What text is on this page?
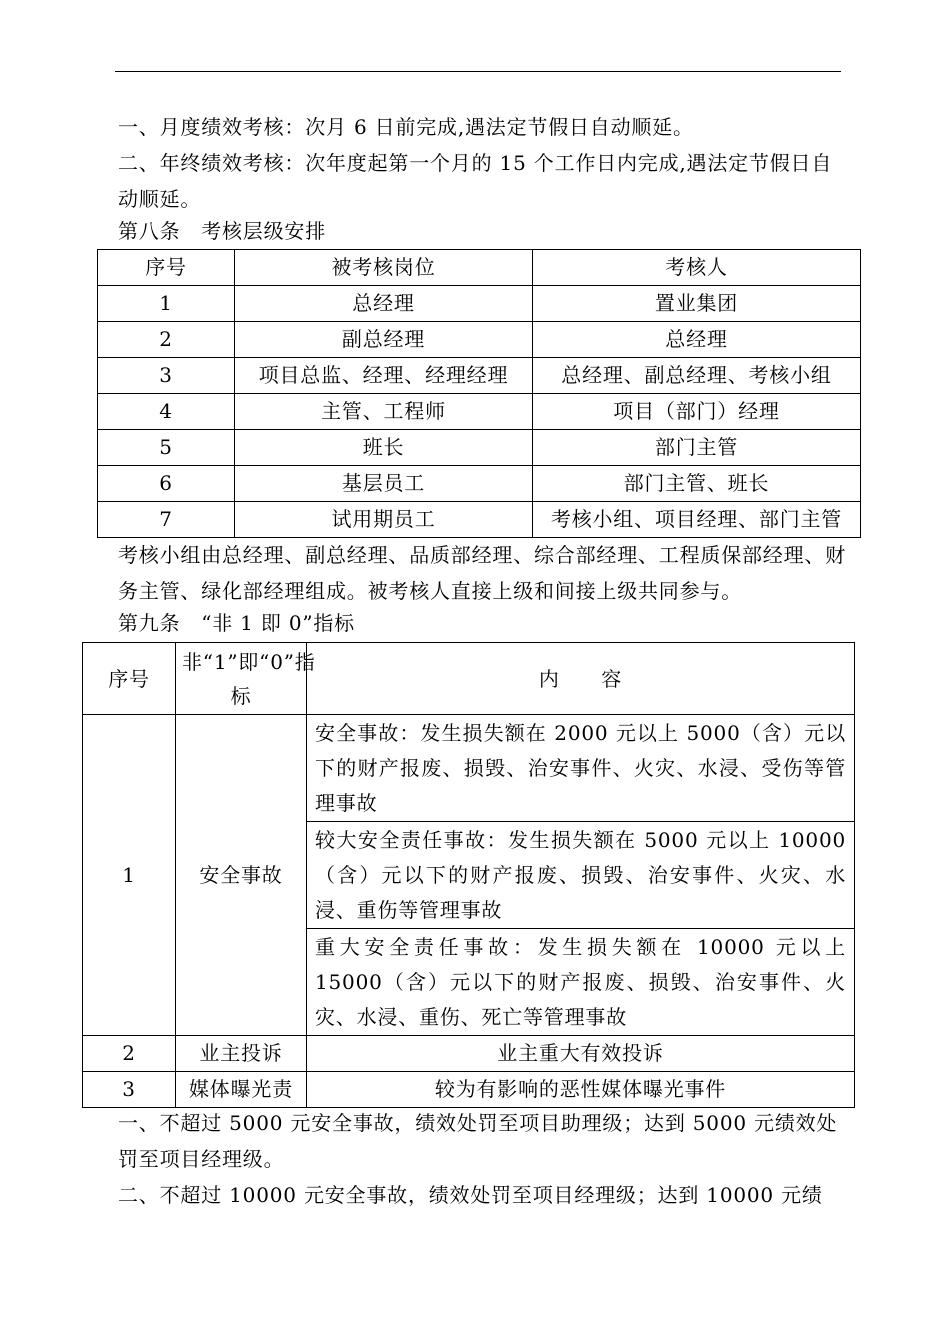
一、月度绩效考核：次月 6 日前完成,遇法定节假日自动顺延。

二、年终绩效考核：次年度起第一个月的 15 个工作日内完成,遇法定节假日自动顺延。

第八条　考核层级安排

序号	被考核岗位	考核人
1	总经理	置业集团
2	副总经理	总经理
3	项目总监、经理、经理经理	总经理、副总经理、考核小组
4	主管、工程师	项目（部门）经理
5	班长	部门主管
6	基层员工	部门主管、班长
7	试用期员工	考核小组、项目经理、部门主管

考核小组由总经理、副总经理、品质部经理、综合部经理、工程质保部经理、财务主管、绿化部经理组成。被考核人直接上级和间接上级共同参与。

第九条　“非 1 即 0”指标

序号	非“1”即“0”指标	内　　容
1	安全事故	安全事故：发生损失额在 2000 元以上 5000（含）元以下的财产报废、损毁、治安事件、火灾、水浸、受伤等管理事故
		较大安全责任事故：发生损失额在 5000 元以上 10000（含）元以下的财产报废、损毁、治安事件、火灾、水浸、重伤等管理事故
		重大安全责任事故：发生损失额在 10000 元以上 15000（含）元以下的财产报废、损毁、治安事件、火灾、水浸、重伤、死亡等管理事故
2	业主投诉	业主重大有效投诉
3	媒体曝光责	较为有影响的恶性媒体曝光事件

一、不超过 5000 元安全事故，绩效处罚至项目助理级；达到 5000 元绩效处罚至项目经理级。

二、不超过 10000 元安全事故，绩效处罚至项目经理级；达到 10000 元绩
